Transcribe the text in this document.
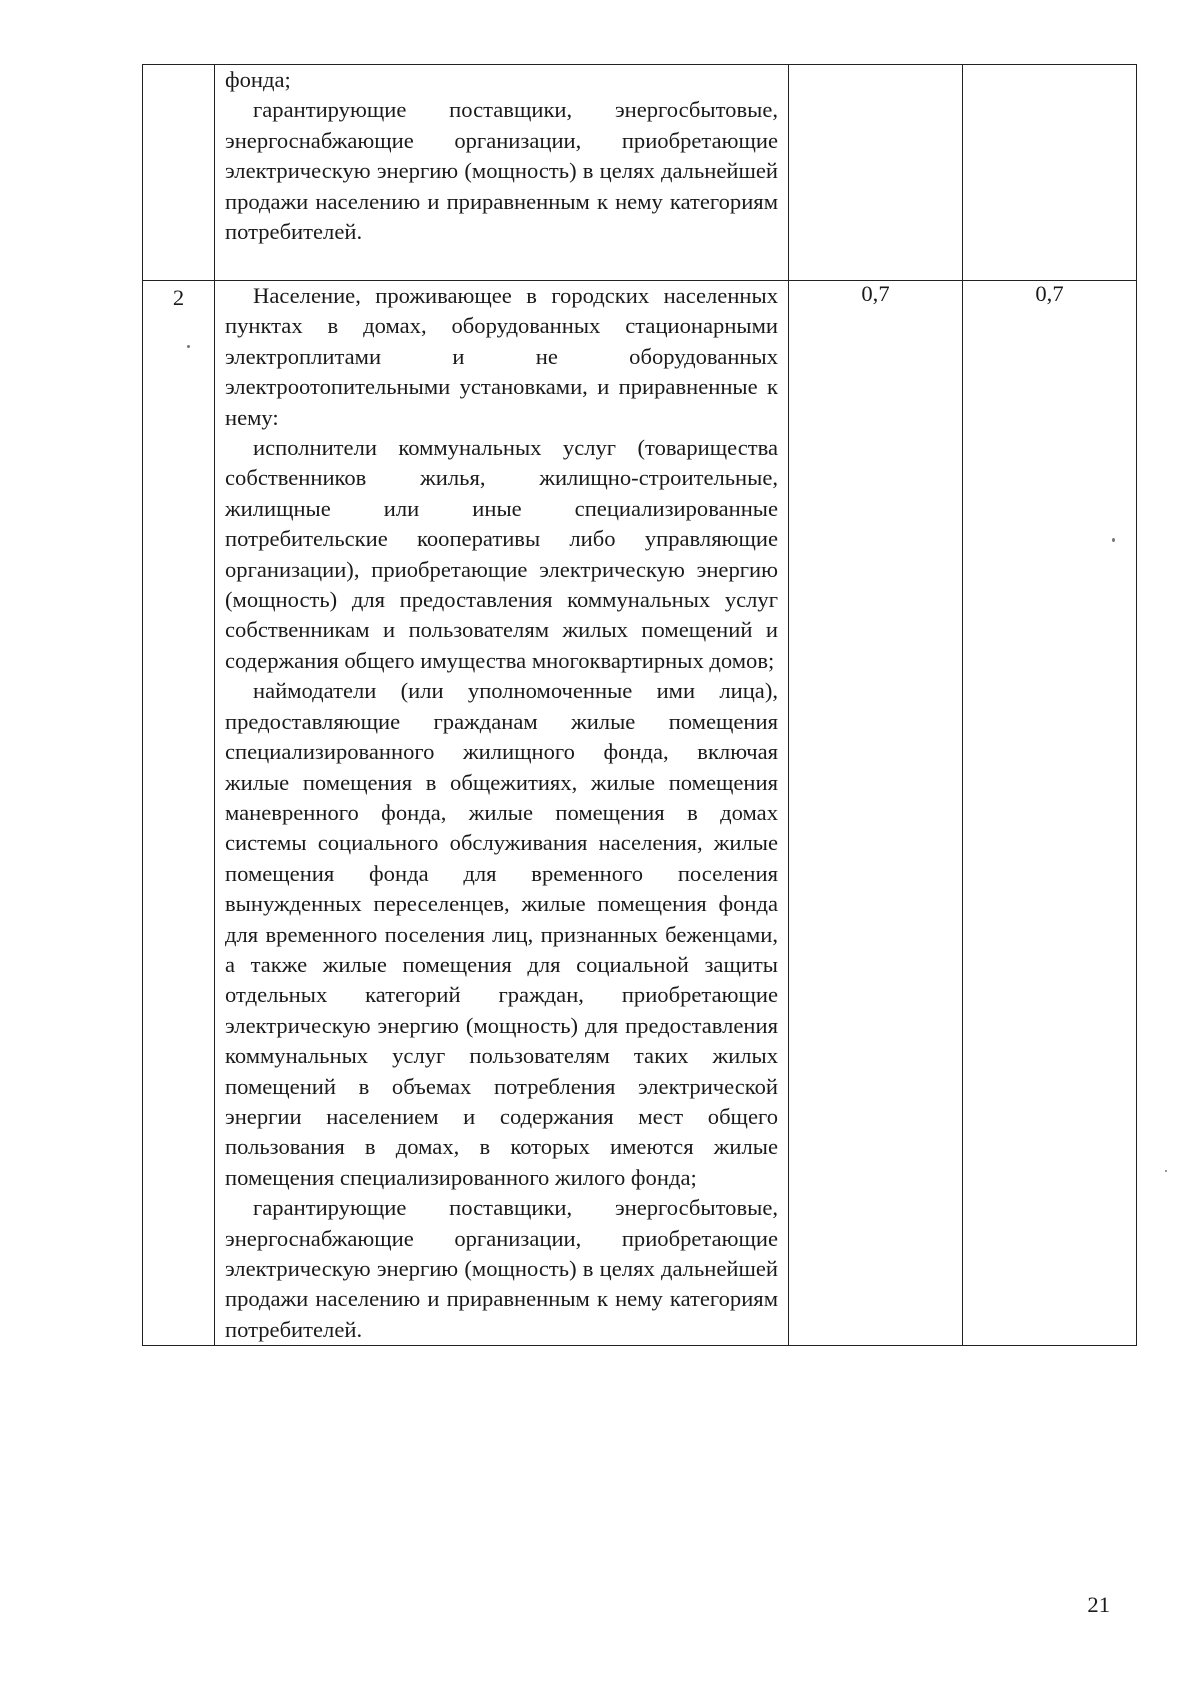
	фонда;

гарантирующие поставщики, энергосбытовые, энергоснабжающие организации, приобретающие электрическую энергию (мощность) в целях дальнейшей продажи населению и приравненным к нему категориям потребителей.		

2	Население, проживающее в городских населенных пунктах в домах, оборудованных стационарными электроплитами и не оборудованных электроотопительными установками, и приравненные к нему:

исполнители коммунальных услуг (товарищества собственников жилья, жилищно-строительные, жилищные или иные специализированные потребительские кооперативы либо управляющие организации), приобретающие электрическую энергию (мощность) для предоставления коммунальных услуг собственникам и пользователям жилых помещений и содержания общего имущества многоквартирных домов;

наймодатели (или уполномоченные ими лица), предоставляющие гражданам жилые помещения специализированного жилищного фонда, включая жилые помещения в общежитиях, жилые помещения маневренного фонда, жилые помещения в домах системы социального обслуживания населения, жилые помещения фонда для временного поселения вынужденных переселенцев, жилые помещения фонда для временного поселения лиц, признанных беженцами, а также жилые помещения для социальной защиты отдельных категорий граждан, приобретающие электрическую энергию (мощность) для предоставления коммунальных услуг пользователям таких жилых помещений в объемах потребления электрической энергии населением и содержания мест общего пользования в домах, в которых имеются жилые помещения специализированного жилого фонда;

гарантирующие поставщики, энергосбытовые, энергоснабжающие организации, приобретающие электрическую энергию (мощность) в целях дальнейшей продажи населению и приравненным к нему категориям потребителей.	0,7	0,7
21
